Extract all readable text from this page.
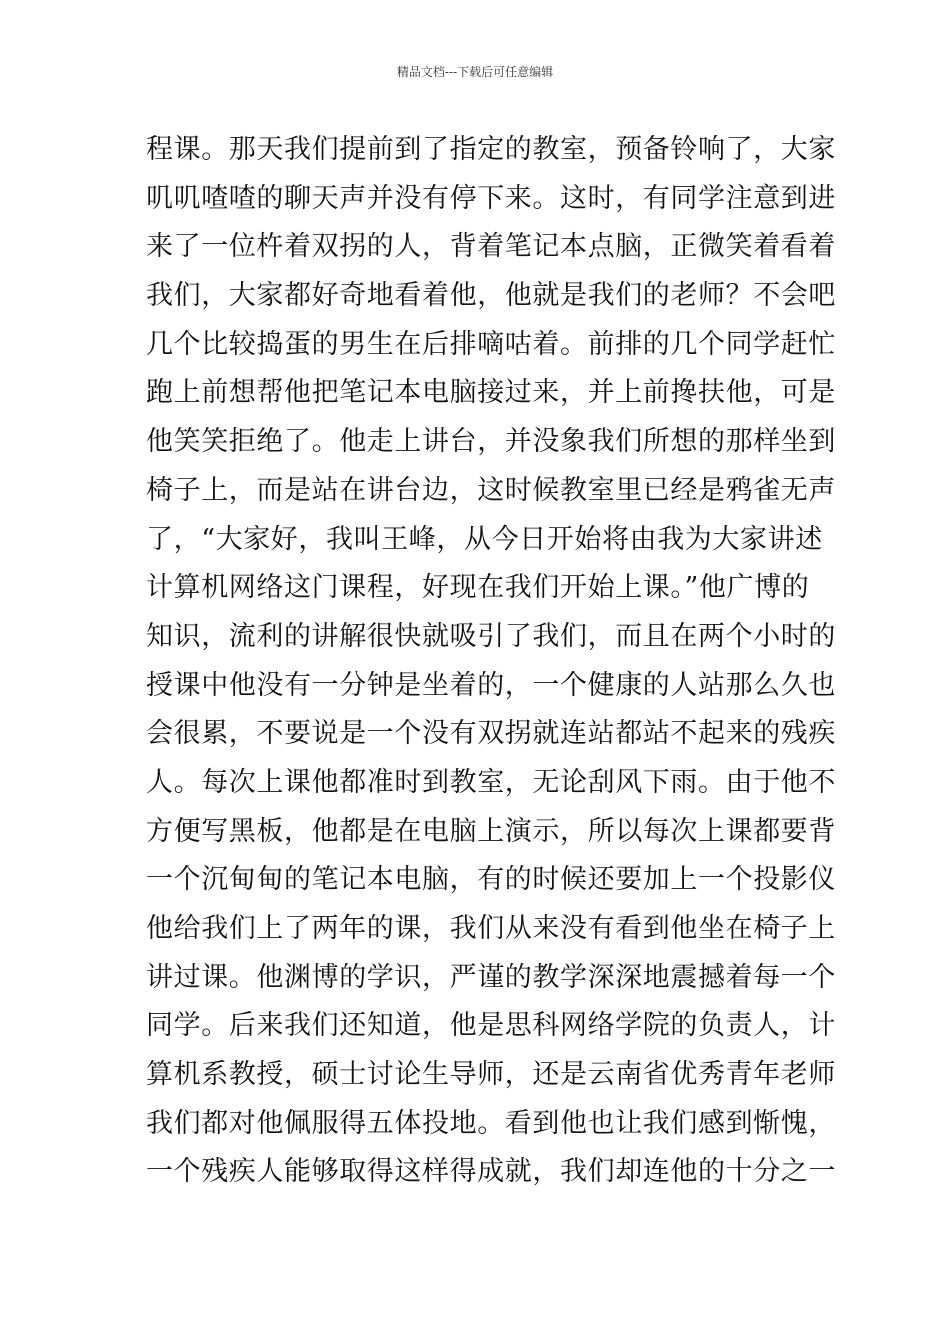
精品文档---下载后可任意编辑
程课。那天我们提前到了指定的教室，预备铃响了，大家
叽叽喳喳的聊天声并没有停下来。这时，有同学注意到进
来了一位杵着双拐的人，背着笔记本点脑，正微笑着看着
我们，大家都好奇地看着他，他就是我们的老师？不会吧
几个比较捣蛋的男生在后排嘀咕着。前排的几个同学赶忙
跑上前想帮他把笔记本电脑接过来，并上前搀扶他，可是
他笑笑拒绝了。他走上讲台，并没象我们所想的那样坐到
椅子上，而是站在讲台边，这时候教室里已经是鸦雀无声
了，“大家好，我叫王峰，从今日开始将由我为大家讲述
计算机网络这门课程，好现在我们开始上课。”他广博的
知识，流利的讲解很快就吸引了我们，而且在两个小时的
授课中他没有一分钟是坐着的，一个健康的人站那么久也
会很累，不要说是一个没有双拐就连站都站不起来的残疾
人。每次上课他都准时到教室，无论刮风下雨。由于他不
方便写黑板，他都是在电脑上演示，所以每次上课都要背
一个沉甸甸的笔记本电脑，有的时候还要加上一个投影仪
他给我们上了两年的课，我们从来没有看到他坐在椅子上
讲过课。他渊博的学识，严谨的教学深深地震撼着每一个
同学。后来我们还知道，他是思科网络学院的负责人，计
算机系教授，硕士讨论生导师，还是云南省优秀青年老师
我们都对他佩服得五体投地。看到他也让我们感到惭愧，
一个残疾人能够取得这样得成就，我们却连他的十分之一
